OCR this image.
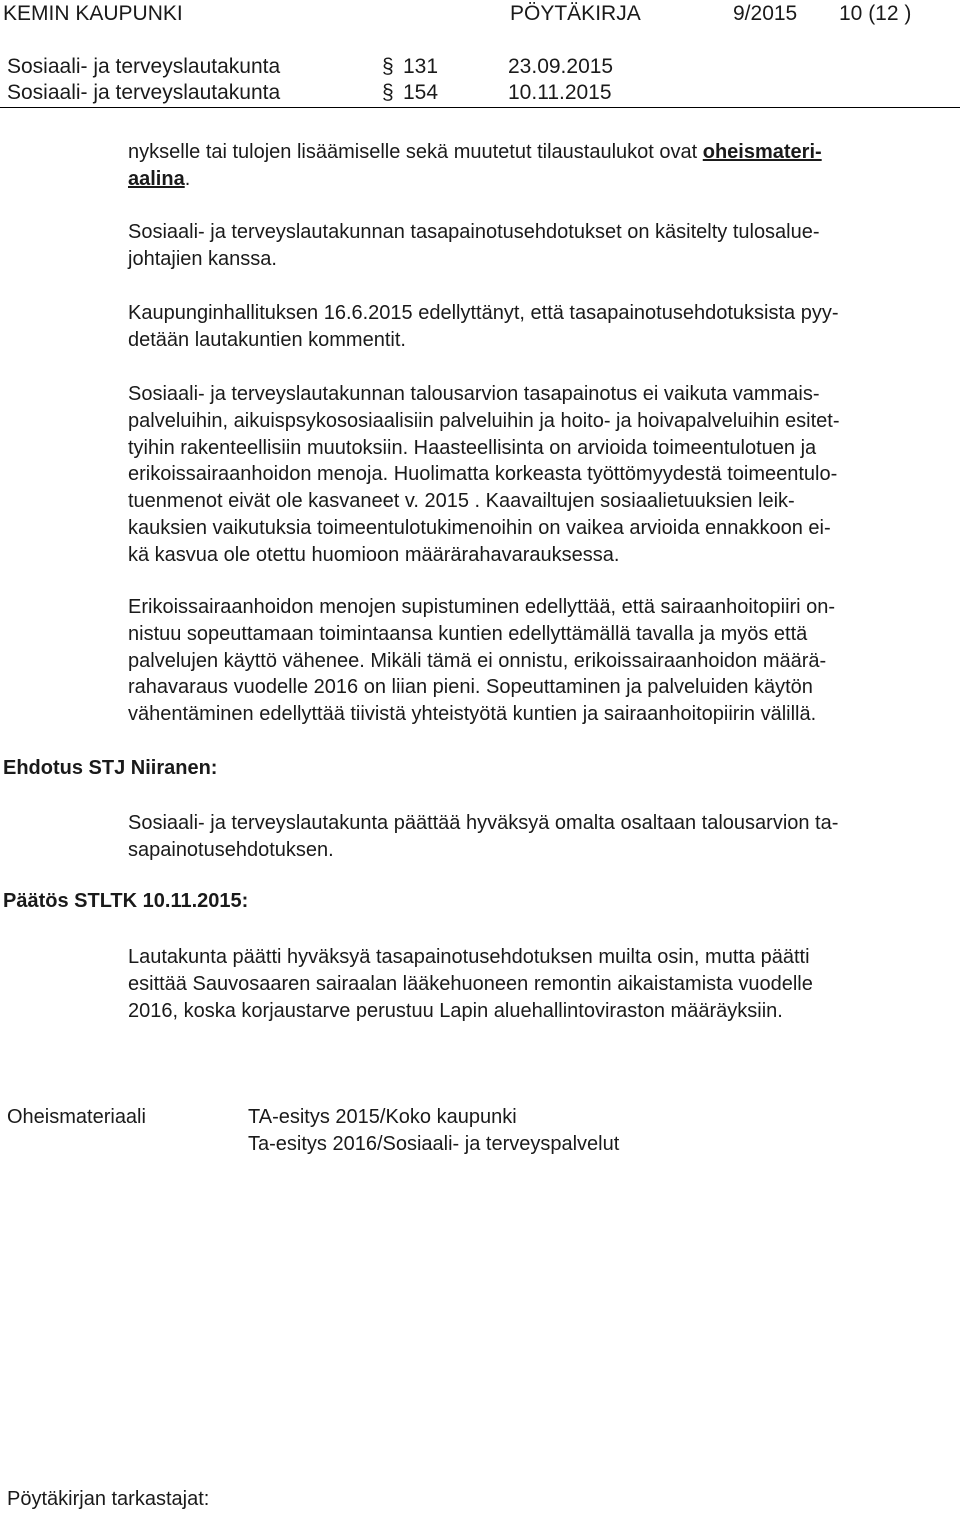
KEMIN KAUPUNKI	PÖYTÄKIRJA	9/2015 10 (12 )
Sosiaali- ja terveyslautakunta	§ 131	23.09.2015
Sosiaali- ja terveyslautakunta	§ 154	10.11.2015
nykselle tai tulojen lisäämiselle sekä muutetut tilaustaulukot ovat oheismateri-
aalina.
Sosiaali- ja terveyslautakunnan tasapainotusehdotukset on käsitelty tulosalue-
johtajien kanssa.
Kaupunginhallituksen 16.6.2015 edellyttänyt, että tasapainotusehdotuksista pyy-
detään lautakuntien kommentit.
Sosiaali- ja terveyslautakunnan talousarvion tasapainotus ei vaikuta vammais-
palveluihin, aikuispsykososiaalisiin palveluihin ja hoito- ja hoivapalveluihin esitet-
tyihin rakenteellisiin muutoksiin. Haasteellisinta on arvioida toimeentulotuen ja
erikoissairaanhoidon menoja. Huolimatta korkeasta työttömyydestä toimeentulo-
tuenmenot eivät ole kasvaneet v. 2015 . Kaavailtujen sosiaalietuuksien leik-
kauksien vaikutuksia toimeentulotukimenoihin on vaikea arvioida ennakkoon ei-
kä kasvua ole otettu huomioon määrärahavarauksessa.
Erikoissairaanhoidon menojen supistuminen edellyttää, että sairaanhoitopiiri on-
nistuu sopeuttamaan toimintaansa kuntien edellyttämällä tavalla ja myös että
palvelujen käyttö vähenee. Mikäli tämä ei onnistu, erikoissairaanhoidon määrä-
rahavaraus vuodelle 2016 on liian pieni. Sopeuttaminen ja palveluiden käytön
vähentäminen edellyttää tiivistä yhteistyötä kuntien ja sairaanhoitopiirin välillä.
Ehdotus STJ Niiranen:
Sosiaali- ja terveyslautakunta päättää hyväksyä omalta osaltaan talousarvion ta-
sapainotusehdotuksen.
Päätös STLTK 10.11.2015:
Lautakunta päätti hyväksyä tasapainotusehdotuksen muilta osin, mutta päätti
esittää Sauvosaaren sairaalan lääkehuoneen remontin aikaistamista vuodelle
2016, koska korjaustarve perustuu Lapin aluehallintoviraston määräyksiin.
Oheismateriaali	TA-esitys 2015/Koko kaupunki
Ta-esitys 2016/Sosiaali- ja terveyspalvelut
Pöytäkirjan tarkastajat:
